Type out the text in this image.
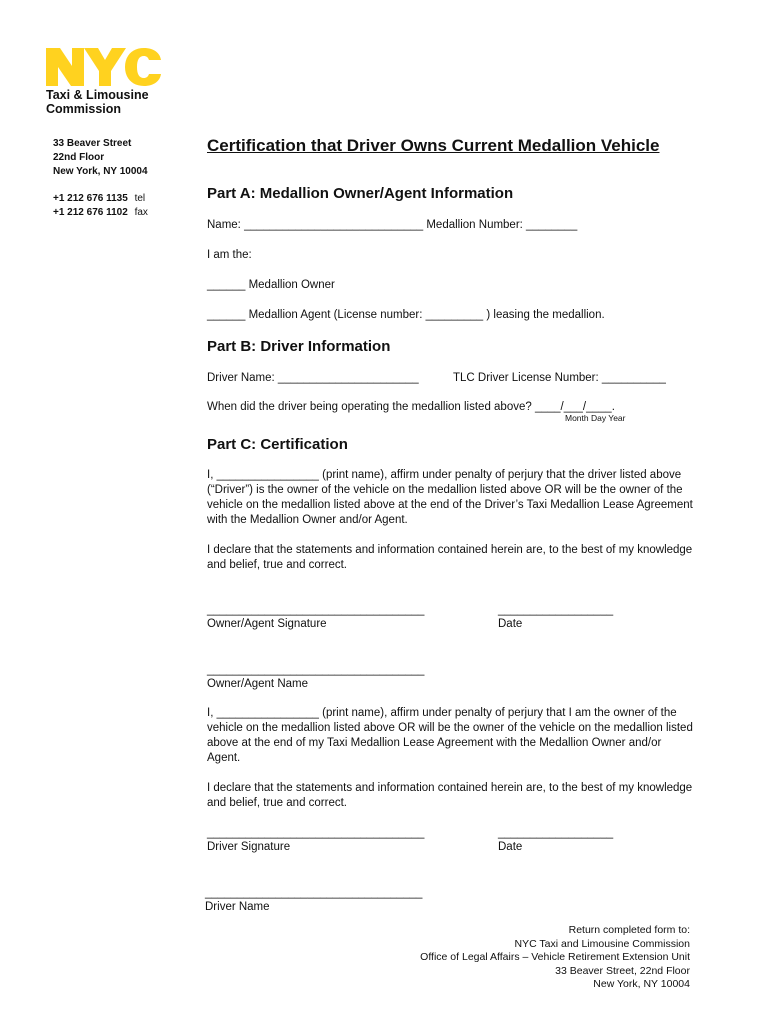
Taxi & Limousine
Commission
33 Beaver Street
22nd Floor
New York, NY 10004
+1 212 676 1135 tel
+1 212 676 1102 fax
Certification that Driver Owns Current Medallion Vehicle
Part A: Medallion Owner/Agent Information
Name: ____________________________ Medallion Number: ________
I am the:
______ Medallion Owner
______ Medallion Agent (License number: _________ ) leasing the medallion.
Part B: Driver Information
Driver Name: ______________________	TLC Driver License Number: __________
When did the driver being operating the medallion listed above? ____/___/____.
Month Day Year
Part C: Certification
I, ________________ (print name), affirm under penalty of perjury that the driver listed above (“Driver”) is the owner of the vehicle on the medallion listed above OR will be the owner of the vehicle on the medallion listed above at the end of the Driver’s Taxi Medallion Lease Agreement with the Medallion Owner and/or Agent.
I declare that the statements and information contained herein are, to the best of my knowledge and belief, true and correct.
__________________________________	__________________
Owner/Agent Signature	Date
__________________________________
Owner/Agent Name
I, ________________ (print name), affirm under penalty of perjury that I am the owner of the vehicle on the medallion listed above OR will be the owner of the vehicle on the medallion listed above at the end of my Taxi Medallion Lease Agreement with the Medallion Owner and/or Agent.
I declare that the statements and information contained herein are, to the best of my knowledge and belief, true and correct.
__________________________________	__________________
Driver Signature	Date
__________________________________
Driver Name
Return completed form to:
NYC Taxi and Limousine Commission
Office of Legal Affairs – Vehicle Retirement Extension Unit
33 Beaver Street, 22nd Floor
New York, NY 10004
